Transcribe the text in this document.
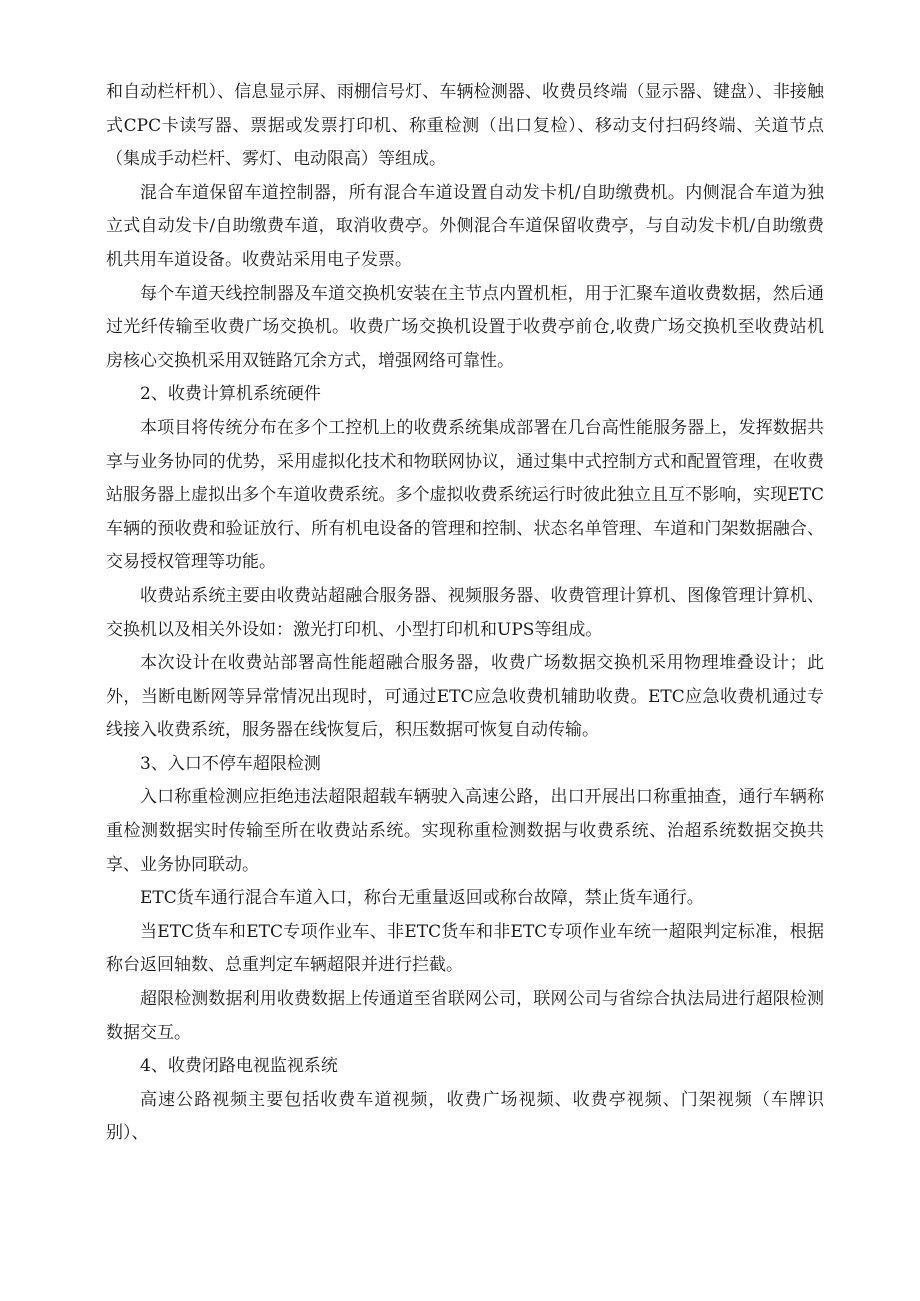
和自动栏杆机）、信息显示屏、雨棚信号灯、车辆检测器、收费员终端（显示器、键盘）、非接触式CPC卡读写器、票据或发票打印机、称重检测（出口复检）、移动支付扫码终端、关道节点（集成手动栏杆、雾灯、电动限高）等组成。

混合车道保留车道控制器，所有混合车道设置自动发卡机/自助缴费机。内侧混合车道为独立式自动发卡/自助缴费车道，取消收费亭。外侧混合车道保留收费亭，与自动发卡机/自助缴费机共用车道设备。收费站采用电子发票。

每个车道天线控制器及车道交换机安装在主节点内置机柜，用于汇聚车道收费数据，然后通过光纤传输至收费广场交换机。收费广场交换机设置于收费亭前仓,收费广场交换机至收费站机房核心交换机采用双链路冗余方式，增强网络可靠性。

2、收费计算机系统硬件

本项目将传统分布在多个工控机上的收费系统集成部署在几台高性能服务器上，发挥数据共享与业务协同的优势，采用虚拟化技术和物联网协议，通过集中式控制方式和配置管理，在收费站服务器上虚拟出多个车道收费系统。多个虚拟收费系统运行时彼此独立且互不影响，实现ETC车辆的预收费和验证放行、所有机电设备的管理和控制、状态名单管理、车道和门架数据融合、交易授权管理等功能。

收费站系统主要由收费站超融合服务器、视频服务器、收费管理计算机、图像管理计算机、交换机以及相关外设如：激光打印机、小型打印机和UPS等组成。

本次设计在收费站部署高性能超融合服务器，收费广场数据交换机采用物理堆叠设计；此外，当断电断网等异常情况出现时，可通过ETC应急收费机辅助收费。ETC应急收费机通过专线接入收费系统，服务器在线恢复后，积压数据可恢复自动传输。

3、入口不停车超限检测

入口称重检测应拒绝违法超限超载车辆驶入高速公路，出口开展出口称重抽查，通行车辆称重检测数据实时传输至所在收费站系统。实现称重检测数据与收费系统、治超系统数据交换共享、业务协同联动。

ETC货车通行混合车道入口，称台无重量返回或称台故障，禁止货车通行。

当ETC货车和ETC专项作业车、非ETC货车和非ETC专项作业车统一超限判定标准，根据称台返回轴数、总重判定车辆超限并进行拦截。

超限检测数据利用收费数据上传通道至省联网公司，联网公司与省综合执法局进行超限检测数据交互。

4、收费闭路电视监视系统

高速公路视频主要包括收费车道视频，收费广场视频、收费亭视频、门架视频（车牌识别）、
